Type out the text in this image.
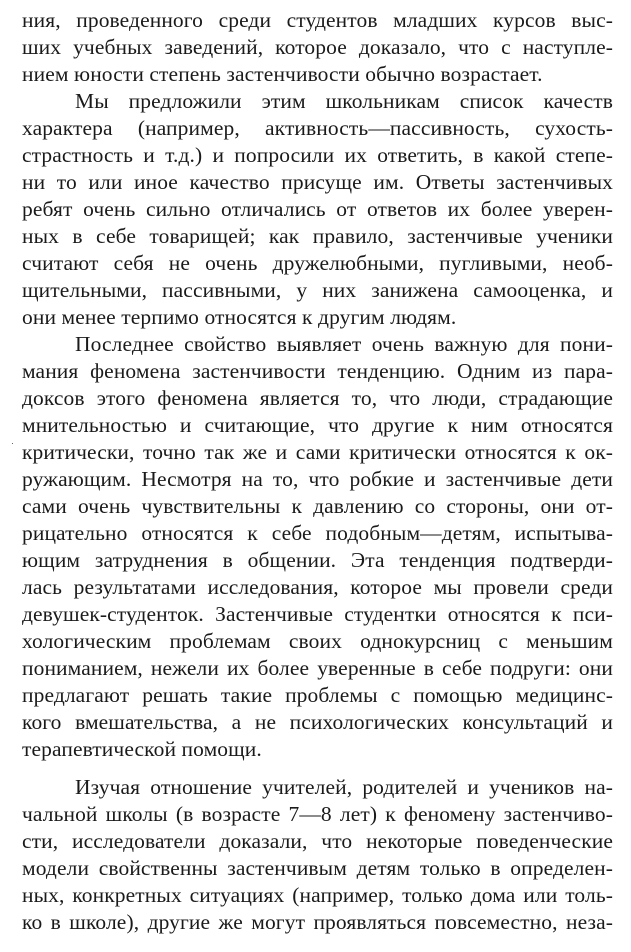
ния, проведенного среди студентов младших курсов выс-
ших учебных заведений, которое доказало, что с наступле-
нием юности степень застенчивости обычно возрастает.
Мы предложили этим школьникам список качеств
характера (например, активность—пассивность, сухость-
страстность и т.д.) и попросили их ответить, в какой степе-
ни то или иное качество присуще им. Ответы застенчивых
ребят очень сильно отличались от ответов их более уверен-
ных в себе товарищей; как правило, застенчивые ученики
считают себя не очень дружелюбными, пугливыми, необ-
щительными, пассивными, у них занижена самооценка, и
они менее терпимо относятся к другим людям.
Последнее свойство выявляет очень важную для пони-
мания феномена застенчивости тенденцию. Одним из пара-
доксов этого феномена является то, что люди, страдающие
мнительностью и считающие, что другие к ним относятся
критически, точно так же и сами критически относятся к ок-
ружающим. Несмотря на то, что робкие и застенчивые дети
сами очень чувствительны к давлению со стороны, они от-
рицательно относятся к себе подобным—детям, испытыва-
ющим затруднения в общении. Эта тенденция подтверди-
лась результатами исследования, которое мы провели среди
девушек-студенток. Застенчивые студентки относятся к пси-
хологическим проблемам своих однокурсниц с меньшим
пониманием, нежели их более уверенные в себе подруги: они
предлагают решать такие проблемы с помощью медицинс-
кого вмешательства, а не психологических консультаций и
терапевтической помощи.
Изучая отношение учителей, родителей и учеников на-
чальной школы (в возрасте 7—8 лет) к феномену застенчиво-
сти, исследователи доказали, что некоторые поведенческие
модели свойственны застенчивым детям только в определен-
ных, конкретных ситуациях (например, только дома или толь-
ко в школе), другие же могут проявляться повсеместно, неза-
